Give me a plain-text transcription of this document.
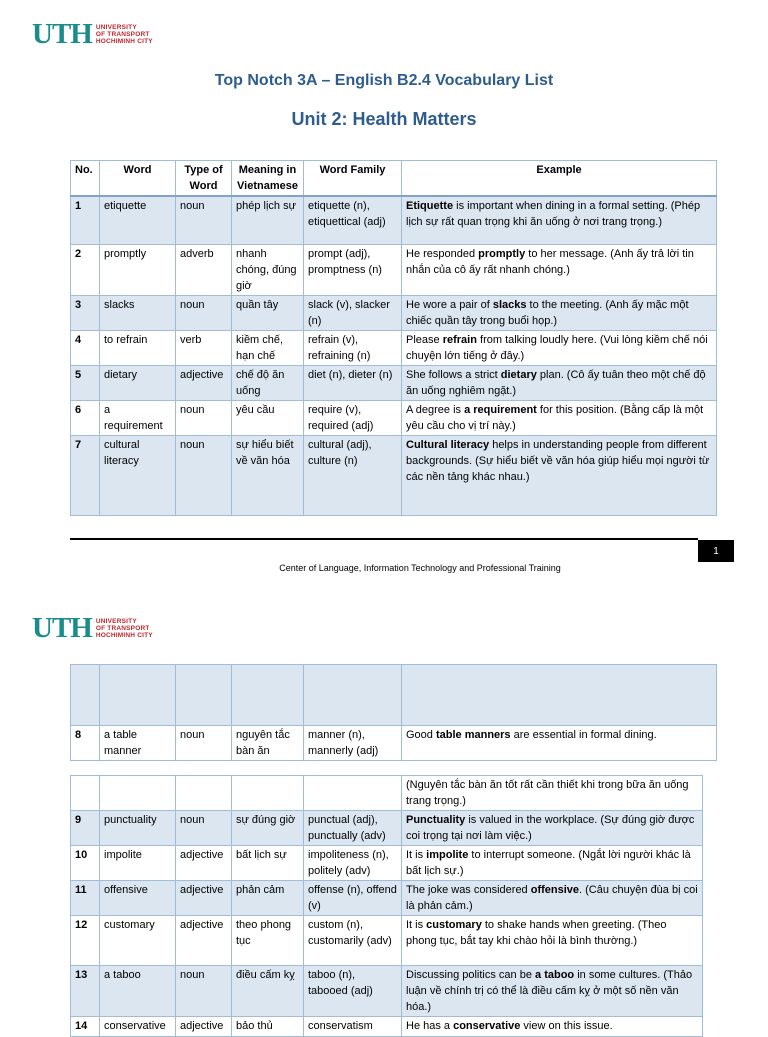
UTH UNIVERSITY
OF TRANSPORT
HOCHIMINH CITY
Top Notch 3A – English B2.4 Vocabulary List
Unit 2: Health Matters
No.	Word	Type of Word	Meaning in Vietnamese	Word Family	Example
1	etiquette	noun	phép lịch sự	etiquette (n), etiquettical (adj)	Etiquette is important when dining in a formal setting. (Phép lịch sự rất quan trọng khi ăn uống ở nơi trang trọng.)
2	promptly	adverb	nhanh chóng, đúng giờ	prompt (adj), promptness (n)	He responded promptly to her message. (Anh ấy trả lời tin nhắn của cô ấy rất nhanh chóng.)
3	slacks	noun	quần tây	slack (v), slacker (n)	He wore a pair of slacks to the meeting. (Anh ấy mặc một chiếc quần tây trong buổi họp.)
4	to refrain	verb	kiềm chế, hạn chế	refrain (v), refraining (n)	Please refrain from talking loudly here. (Vui lòng kiềm chế nói chuyện lớn tiếng ở đây.)
5	dietary	adjective	chế độ ăn uống	diet (n), dieter (n)	She follows a strict dietary plan. (Cô ấy tuân theo một chế độ ăn uống nghiêm ngặt.)
6	a requirement	noun	yêu cầu	require (v), required (adj)	A degree is a requirement for this position. (Bằng cấp là một yêu cầu cho vị trí này.)
7	cultural literacy	noun	sự hiểu biết về văn hóa	cultural (adj), culture (n)	Cultural literacy helps in understanding people from different backgrounds. (Sự hiểu biết về văn hóa giúp hiểu mọi người từ các nền tảng khác nhau.)
1
Center of Language, Information Technology and Professional Training
UTH UNIVERSITY
OF TRANSPORT
HOCHIMINH CITY

8	a table manner	noun	nguyên tắc bàn ăn	manner (n), mannerly (adj)	Good table manners are essential in formal dining.
					(Nguyên tắc bàn ăn tốt rất cần thiết khi trong bữa ăn uống trang trọng.)
9	punctuality	noun	sự đúng giờ	punctual (adj), punctually (adv)	Punctuality is valued in the workplace. (Sự đúng giờ được coi trọng tại nơi làm việc.)
10	impolite	adjective	bất lịch sự	impoliteness (n), politely (adv)	It is impolite to interrupt someone. (Ngắt lời người khác là bất lịch sự.)
11	offensive	adjective	phản cảm	offense (n), offend (v)	The joke was considered offensive. (Câu chuyện đùa bị coi là phản cảm.)
12	customary	adjective	theo phong tục	custom (n), customarily (adv)	It is customary to shake hands when greeting. (Theo phong tục, bắt tay khi chào hỏi là bình thường.)
13	a taboo	noun	điều cấm kỵ	taboo (n), tabooed (adj)	Discussing politics can be a taboo in some cultures. (Thảo luận về chính trị có thể là điều cấm kỵ ở một số nền văn hóa.)
14	conservative	adjective	bảo thủ	conservatism	He has a conservative view on this issue.
